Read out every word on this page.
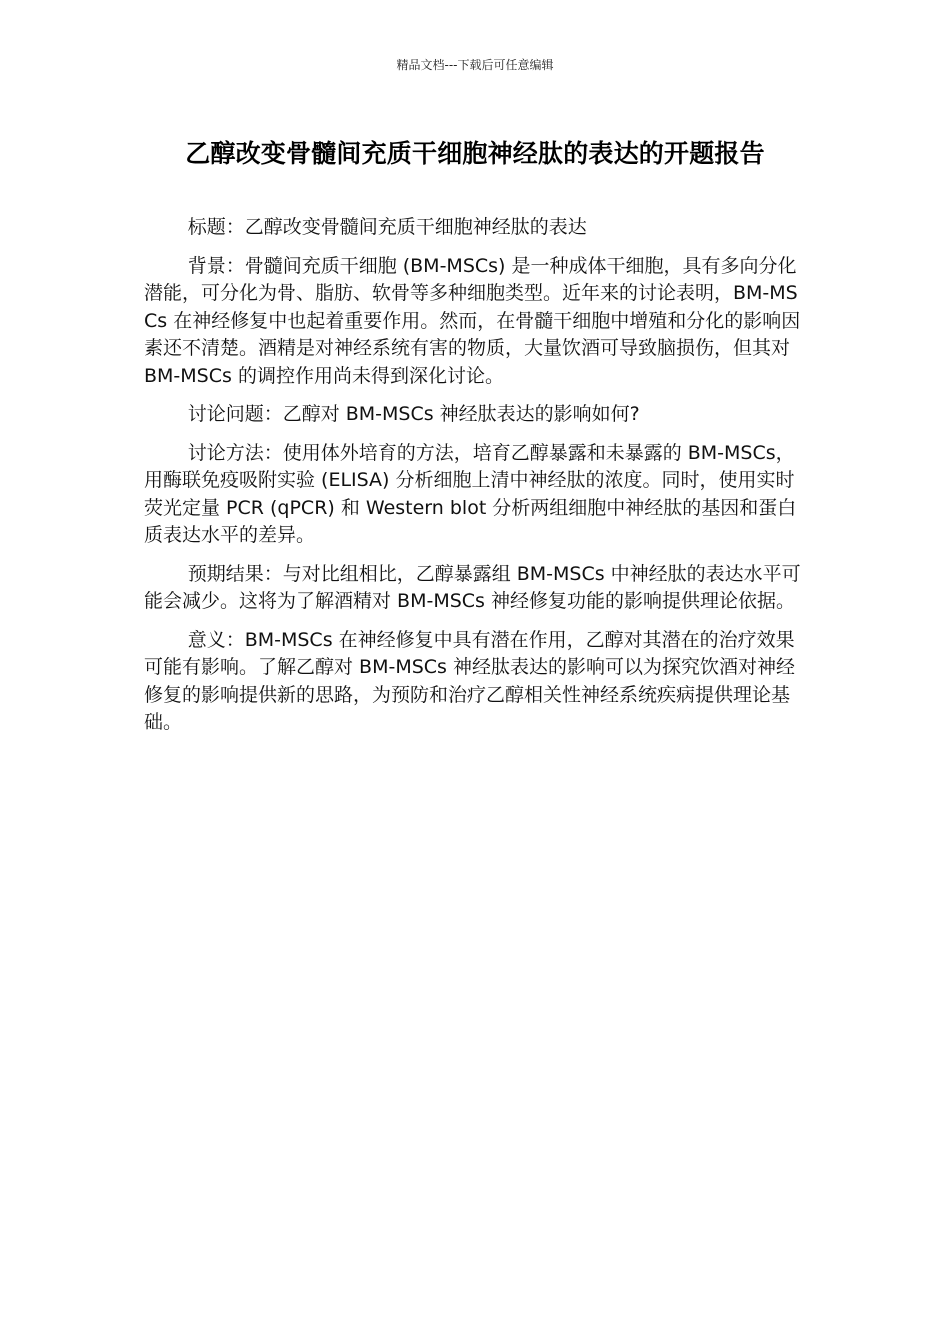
精品文档---下载后可任意编辑
乙醇改变骨髓间充质干细胞神经肽的表达的开题报告

标题：乙醇改变骨髓间充质干细胞神经肽的表达

背景：骨髓间充质干细胞 (BM-MSCs) 是一种成体干细胞，具有多向分化潜能，可分化为骨、脂肪、软骨等多种细胞类型。近年来的讨论表明，BM-MSCs 在神经修复中也起着重要作用。然而，在骨髓干细胞中增殖和分化的影响因素还不清楚。酒精是对神经系统有害的物质，大量饮酒可导致脑损伤，但其对 BM-MSCs 的调控作用尚未得到深化讨论。

讨论问题：乙醇对 BM-MSCs 神经肽表达的影响如何?

讨论方法：使用体外培育的方法，培育乙醇暴露和未暴露的 BM-MSCs，用酶联免疫吸附实验 (ELISA) 分析细胞上清中神经肽的浓度。同时，使用实时荧光定量 PCR (qPCR) 和 Western blot 分析两组细胞中神经肽的基因和蛋白质表达水平的差异。

预期结果：与对比组相比，乙醇暴露组 BM-MSCs 中神经肽的表达水平可能会减少。这将为了解酒精对 BM-MSCs 神经修复功能的影响提供理论依据。

意义：BM-MSCs 在神经修复中具有潜在作用，乙醇对其潜在的治疗效果可能有影响。了解乙醇对 BM-MSCs 神经肽表达的影响可以为探究饮酒对神经修复的影响提供新的思路，为预防和治疗乙醇相关性神经系统疾病提供理论基础。
